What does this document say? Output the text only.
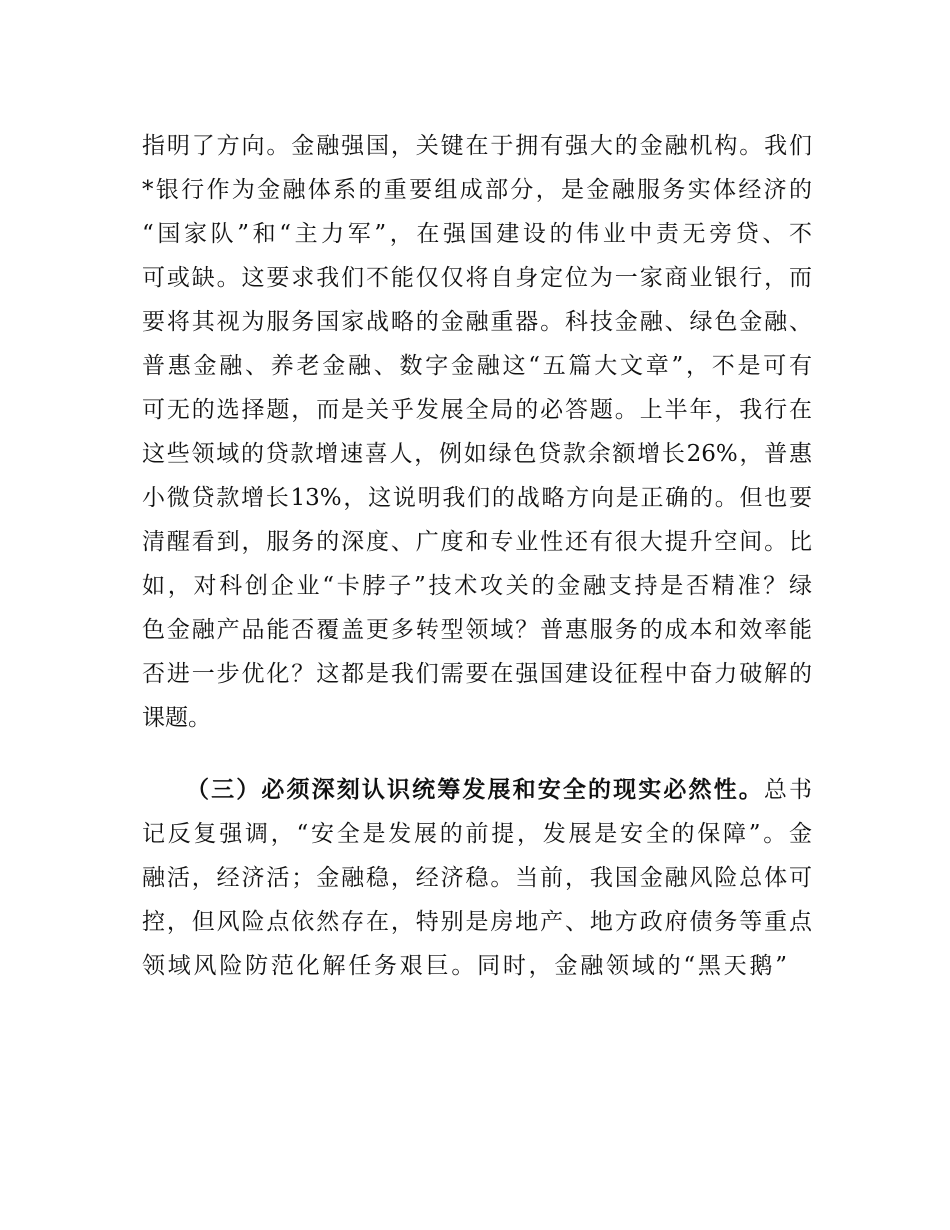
指明了方向。金融强国，关键在于拥有强大的金融机构。我们
*银行作为金融体系的重要组成部分，是金融服务实体经济的
“国家队”和“主力军”，在强国建设的伟业中责无旁贷、不
可或缺。这要求我们不能仅仅将自身定位为一家商业银行，而
要将其视为服务国家战略的金融重器。科技金融、绿色金融、
普惠金融、养老金融、数字金融这“五篇大文章”，不是可有
可无的选择题，而是关乎发展全局的必答题。上半年，我行在
这些领域的贷款增速喜人，例如绿色贷款余额增长26%，普惠
小微贷款增长13%，这说明我们的战略方向是正确的。但也要
清醒看到，服务的深度、广度和专业性还有很大提升空间。比
如，对科创企业“卡脖子”技术攻关的金融支持是否精准？绿
色金融产品能否覆盖更多转型领域？普惠服务的成本和效率能
否进一步优化？这都是我们需要在强国建设征程中奋力破解的
课题。
（三）必须深刻认识统筹发展和安全的现实必然性。总书
记反复强调，“安全是发展的前提，发展是安全的保障”。金
融活，经济活；金融稳，经济稳。当前，我国金融风险总体可
控，但风险点依然存在，特别是房地产、地方政府债务等重点
领域风险防范化解任务艰巨。同时，金融领域的“黑天鹅”
